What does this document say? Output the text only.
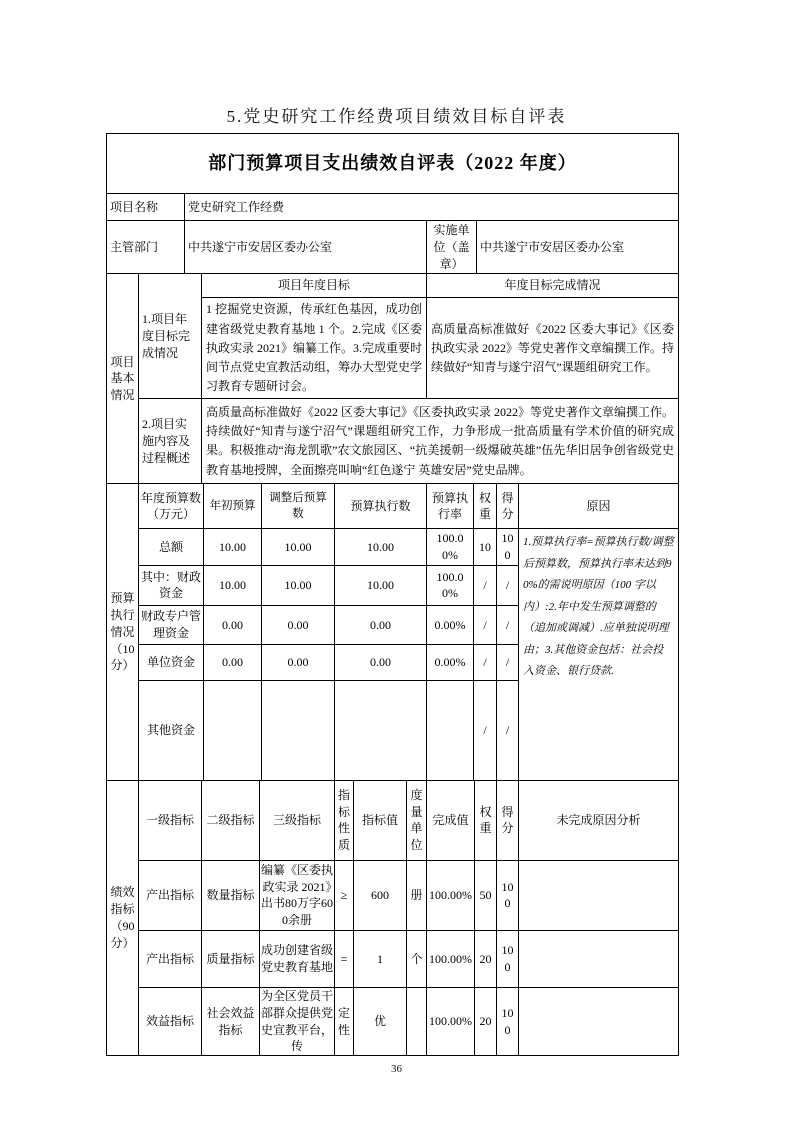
5.党史研究工作经费项目绩效目标自评表
部门预算项目支出绩效自评表（2022 年度）			
项目名称	党史研究工作经费		
主管部门	中共遂宁市安居区委办公室	实施单位（盖章）	中共遂宁市安居区委办公室
项目基本情况	1.项目年度目标完成情况	项目年度目标	年度目标完成情况
		1 挖掘党史资源，传承红色基因，成功创建省级党史教育基地 1 个。2.完成《区委执政实录 2021》编纂工作。3.完成重要时间节点党史宣教活动组，筹办大型党史学习教育专题研讨会。	高质量高标准做好《2022 区委大事记》《区委执政实录 2022》等党史著作文章编撰工作。持续做好“知青与遂宁沼气”课题组研究工作。
	2.项目实施内容及过程概述	高质量高标准做好《2022 区委大事记》《区委执政实录 2022》等党史著作文章编撰工作。持续做好“知青与遂宁沼气”课题组研究工作，力争形成一批高质量有学术价值的研究成果。积极推动“海龙凯歌”农文旅园区、“抗美援朝一级爆破英雄”伍先华旧居争创省级党史教育基地授牌，全面擦亮叫响“红色遂宁 英雄安居”党史品牌。	
预算执行情况（10分）	年度预算数（万元）	年初预算	调整后预算数	预算执行数	预算执行率	权重	得分	原因
	总额	10.00	10.00	10.00	100.00%	10	100	1.预算执行率=预算执行数/调整后预算数，预算执行率未达到90%的需说明原因（100 字以内）:2.年中发生预算调整的（追加或调减）.应单独说明理由；3.其他资金包括：社会投入资金、银行贷款.
	其中：财政资金	10.00	10.00	10.00	100.00%	/	/	
	财政专户管理资金	0.00	0.00	0.00	0.00%	/	/	
	单位资金	0.00	0.00	0.00	0.00%	/	/	
	其他资金					/	/	
绩效指标（90分）	一级指标	二级指标	三级指标	指标性质	指标值	度量单位	完成值	权重	得分	未完成原因分析
	产出指标	数量指标	编纂《区委执政实录 2021》出书80万字600余册	≥	600	册	100.00%	50	100	
	产出指标	质量指标	成功创建省级党史教育基地	=	1	个	100.00%	20	100	
	效益指标	社会效益指标	为全区党员干部群众提供党史宣教平台，传	定性	优		100.00%	20	100	
36
